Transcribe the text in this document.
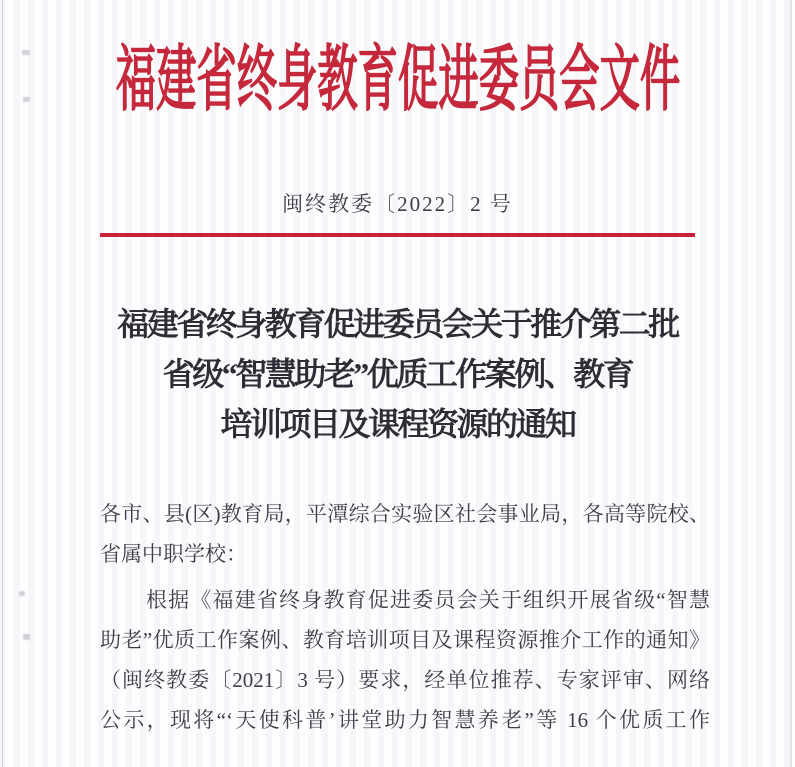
福建省终身教育促进委员会文件
闽终教委〔2022〕2 号
福建省终身教育促进委员会关于推介第二批
省级“智慧助老”优质工作案例、教育
培训项目及课程资源的通知

各市、县(区)教育局，平潭综合实验区社会事业局，各高等院校、

省属中职学校：

根据《福建省终身教育促进委员会关于组织开展省级“智慧

助老”优质工作案例、教育培训项目及课程资源推介工作的通知》

（闽终教委〔2021〕3 号）要求，经单位推荐、专家评审、网络

公示，现将“‘天使科普’讲堂助力智慧养老”等 16 个优质工作
